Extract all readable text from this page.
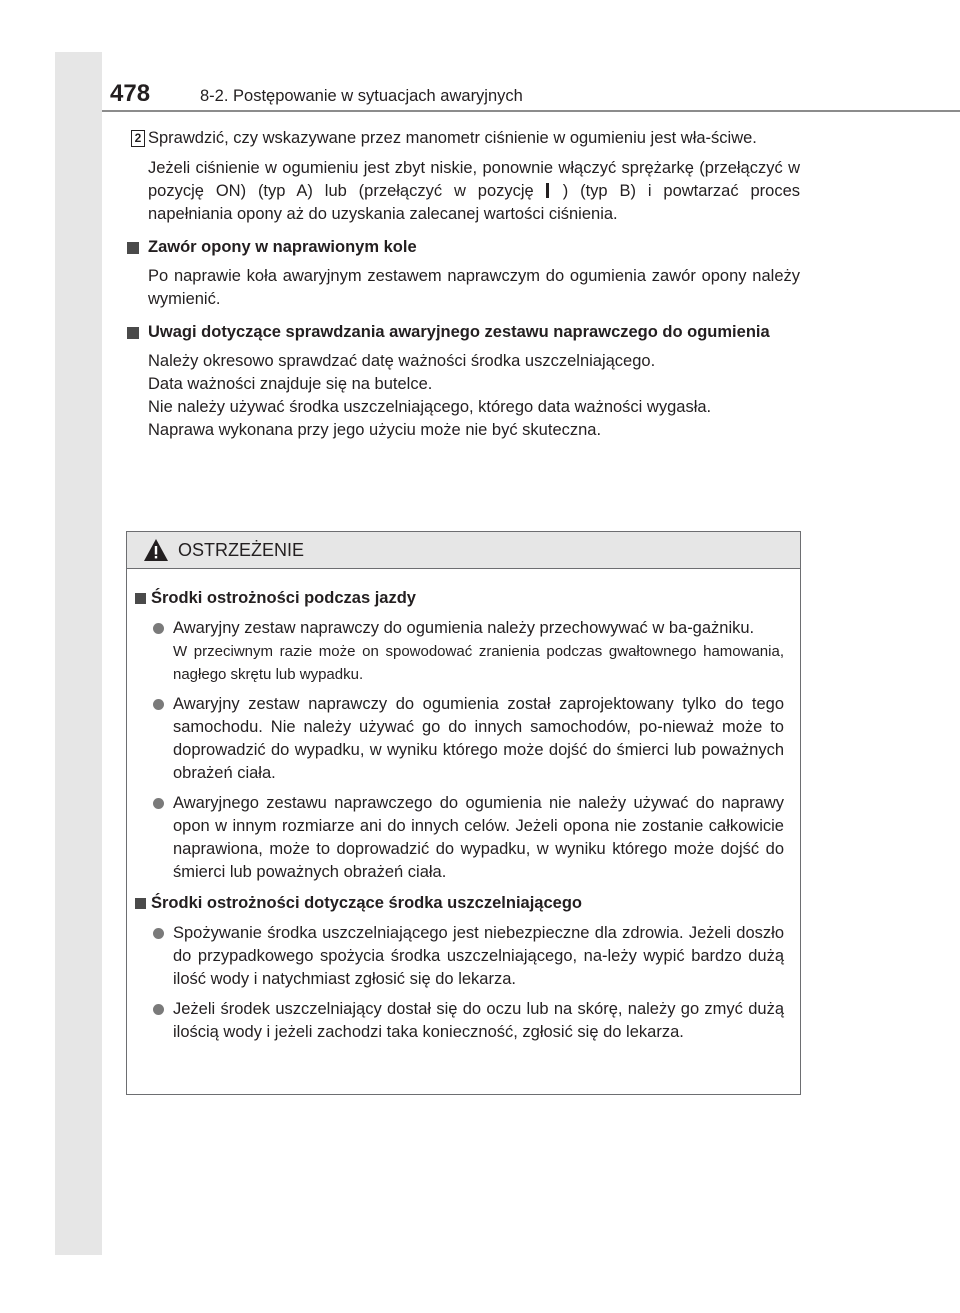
478	8-2. Postępowanie w sytuacjach awaryjnych
2 Sprawdzić, czy wskazywane przez manometr ciśnienie w ogumieniu jest wła-ściwe.
Jeżeli ciśnienie w ogumieniu jest zbyt niskie, ponownie włączyć sprężarkę (przełączyć w pozycję ON) (typ A) lub (przełączyć w pozycję ) (typ B) i powtarzać proces napełniania opony aż do uzyskania zalecanej wartości ciśnienia.
Zawór opony w naprawionym kole
Po naprawie koła awaryjnym zestawem naprawczym do ogumienia zawór opony należy wymienić.
Uwagi dotyczące sprawdzania awaryjnego zestawu naprawczego do ogumienia
Należy okresowo sprawdzać datę ważności środka uszczelniającego.
Data ważności znajduje się na butelce.
Nie należy używać środka uszczelniającego, którego data ważności wygasła.
Naprawa wykonana przy jego użyciu może nie być skuteczna.
OSTRZEŻENIE
Środki ostrożności podczas jazdy
Awaryjny zestaw naprawczy do ogumienia należy przechowywać w ba-gażniku.
W przeciwnym razie może on spowodować zranienia podczas gwałtownego hamowania, nagłego skrętu lub wypadku.
Awaryjny zestaw naprawczy do ogumienia został zaprojektowany tylko do tego samochodu. Nie należy używać go do innych samochodów, po-nieważ może to doprowadzić do wypadku, w wyniku którego może dojść do śmierci lub poważnych obrażeń ciała.
Awaryjnego zestawu naprawczego do ogumienia nie należy używać do naprawy opon w innym rozmiarze ani do innych celów. Jeżeli opona nie zostanie całkowicie naprawiona, może to doprowadzić do wypadku, w wyniku którego może dojść do śmierci lub poważnych obrażeń ciała.
Środki ostrożności dotyczące środka uszczelniającego
Spożywanie środka uszczelniającego jest niebezpieczne dla zdrowia. Jeżeli doszło do przypadkowego spożycia środka uszczelniającego, na-leży wypić bardzo dużą ilość wody i natychmiast zgłosić się do lekarza.
Jeżeli środek uszczelniający dostał się do oczu lub na skórę, należy go zmyć dużą ilością wody i jeżeli zachodzi taka konieczność, zgłosić się do lekarza.
